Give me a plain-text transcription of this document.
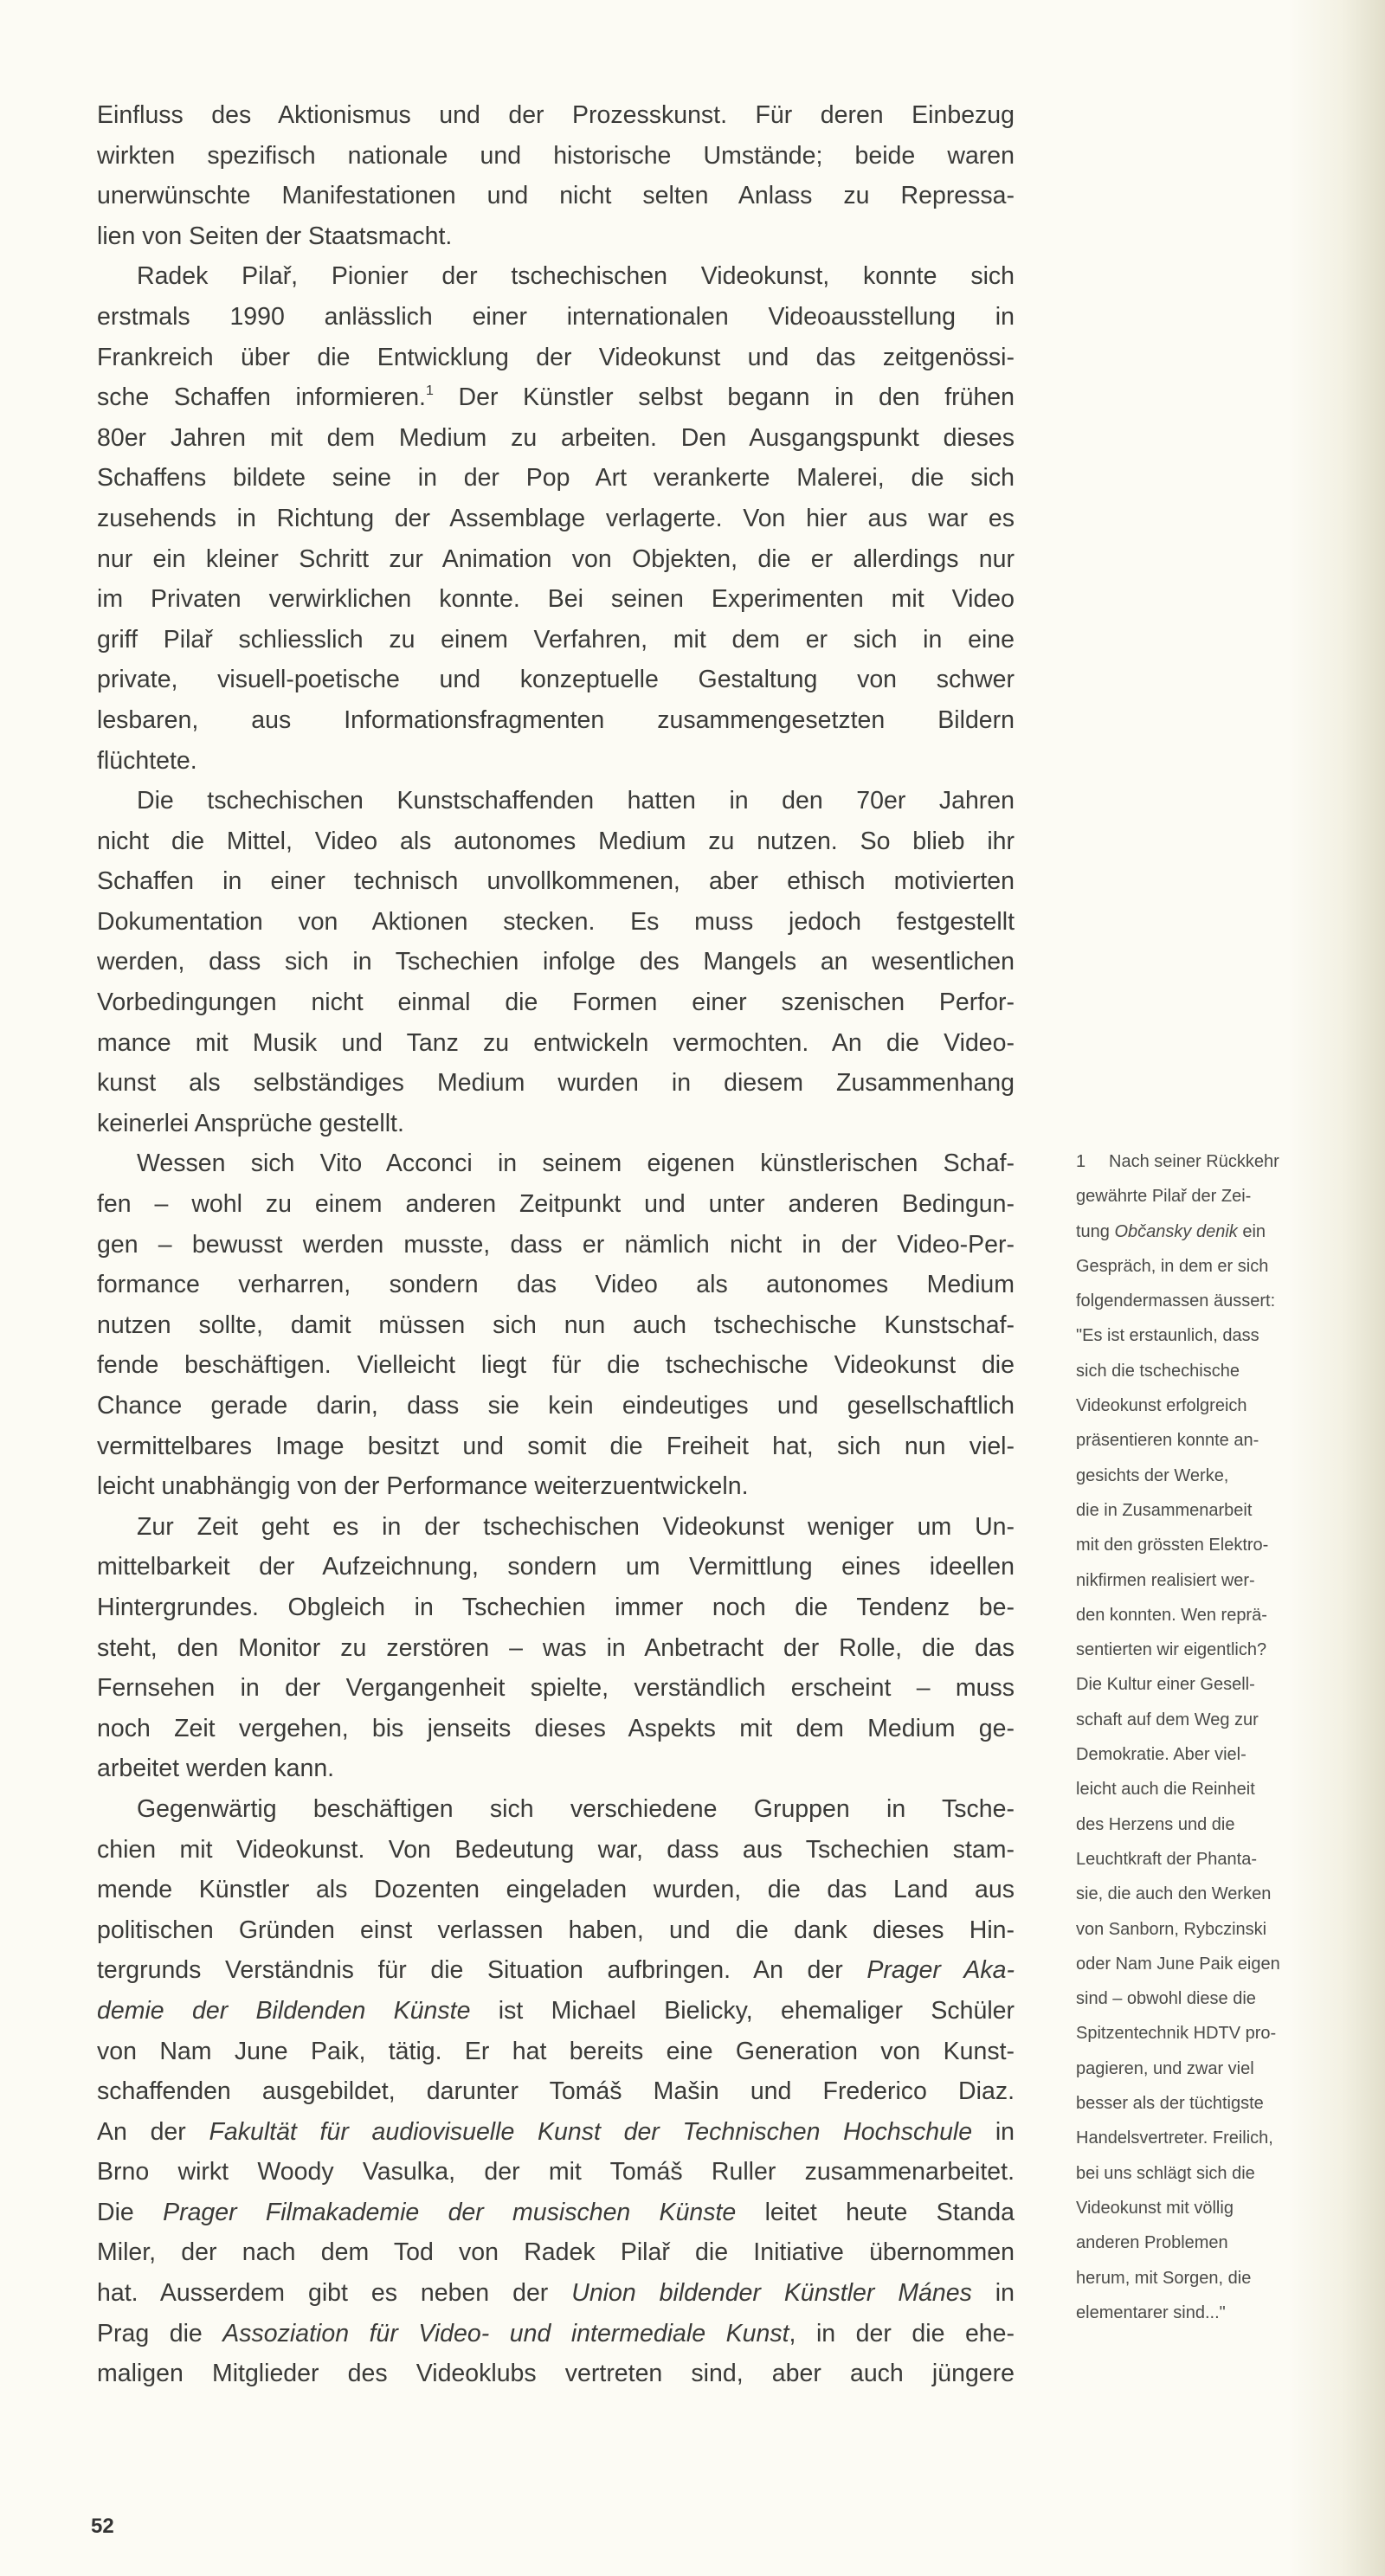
Einfluss des Aktionismus und der Prozesskunst. Für deren Einbezug
wirkten spezifisch nationale und historische Umstände; beide waren
unerwünschte Manifestationen und nicht selten Anlass zu Repressa-
lien von Seiten der Staatsmacht.
Radek Pilař, Pionier der tschechischen Videokunst, konnte sich
erstmals 1990 anlässlich einer internationalen Videoausstellung in
Frankreich über die Entwicklung der Videokunst und das zeitgenössi-
sche Schaffen informieren.$^1$ Der Künstler selbst begann in den frühen
80er Jahren mit dem Medium zu arbeiten. Den Ausgangspunkt dieses
Schaffens bildete seine in der Pop Art verankerte Malerei, die sich
zusehends in Richtung der Assemblage verlagerte. Von hier aus war es
nur ein kleiner Schritt zur Animation von Objekten, die er allerdings nur
im Privaten verwirklichen konnte. Bei seinen Experimenten mit Video
griff Pilař schliesslich zu einem Verfahren, mit dem er sich in eine
private, visuell-poetische und konzeptuelle Gestaltung von schwer
lesbaren, aus Informationsfragmenten zusammengesetzten Bildern
flüchtete.
Die tschechischen Kunstschaffenden hatten in den 70er Jahren
nicht die Mittel, Video als autonomes Medium zu nutzen. So blieb ihr
Schaffen in einer technisch unvollkommenen, aber ethisch motivierten
Dokumentation von Aktionen stecken. Es muss jedoch festgestellt
werden, dass sich in Tschechien infolge des Mangels an wesentlichen
Vorbedingungen nicht einmal die Formen einer szenischen Perfor-
mance mit Musik und Tanz zu entwickeln vermochten. An die Video-
kunst als selbständiges Medium wurden in diesem Zusammenhang
keinerlei Ansprüche gestellt.
Wessen sich Vito Acconci in seinem eigenen künstlerischen Schaf-
fen – wohl zu einem anderen Zeitpunkt und unter anderen Bedingun-
gen – bewusst werden musste, dass er nämlich nicht in der Video-Per-
formance verharren, sondern das Video als autonomes Medium
nutzen sollte, damit müssen sich nun auch tschechische Kunstschaf-
fende beschäftigen. Vielleicht liegt für die tschechische Videokunst die
Chance gerade darin, dass sie kein eindeutiges und gesellschaftlich
vermittelbares Image besitzt und somit die Freiheit hat, sich nun viel-
leicht unabhängig von der Performance weiterzuentwickeln.
Zur Zeit geht es in der tschechischen Videokunst weniger um Un-
mittelbarkeit der Aufzeichnung, sondern um Vermittlung eines ideellen
Hintergrundes. Obgleich in Tschechien immer noch die Tendenz be-
steht, den Monitor zu zerstören – was in Anbetracht der Rolle, die das
Fernsehen in der Vergangenheit spielte, verständlich erscheint – muss
noch Zeit vergehen, bis jenseits dieses Aspekts mit dem Medium ge-
arbeitet werden kann.
Gegenwärtig beschäftigen sich verschiedene Gruppen in Tsche-
chien mit Videokunst. Von Bedeutung war, dass aus Tschechien stam-
mende Künstler als Dozenten eingeladen wurden, die das Land aus
politischen Gründen einst verlassen haben, und die dank dieses Hin-
tergrunds Verständnis für die Situation aufbringen. An der Prager Aka-
demie der Bildenden Künste ist Michael Bielicky, ehemaliger Schüler
von Nam June Paik, tätig. Er hat bereits eine Generation von Kunst-
schaffenden ausgebildet, darunter Tomáš Mašin und Frederico Diaz.
An der Fakultät für audiovisuelle Kunst der Technischen Hochschule in
Brno wirkt Woody Vasulka, der mit Tomáš Ruller zusammenarbeitet.
Die Prager Filmakademie der musischen Künste leitet heute Standa
Miler, der nach dem Tod von Radek Pilař die Initiative übernommen
hat. Ausserdem gibt es neben der Union bildender Künstler Mánes in
Prag die Assoziation für Video- und intermediale Kunst, in der die ehe-
maligen Mitglieder des Videoklubs vertreten sind, aber auch jüngere
1 Nach seiner Rückkehr
gewährte Pilař der Zei-
tung Občansky denik ein
Gespräch, in dem er sich
folgendermassen äussert:
"Es ist erstaunlich, dass
sich die tschechische
Videokunst erfolgreich
präsentieren konnte an-
gesichts der Werke,
die in Zusammenarbeit
mit den grössten Elektro-
nikfirmen realisiert wer-
den konnten. Wen reprä-
sentierten wir eigentlich?
Die Kultur einer Gesell-
schaft auf dem Weg zur
Demokratie. Aber viel-
leicht auch die Reinheit
des Herzens und die
Leuchtkraft der Phanta-
sie, die auch den Werken
von Sanborn, Rybczinski
oder Nam June Paik eigen
sind – obwohl diese die
Spitzentechnik HDTV pro-
pagieren, und zwar viel
besser als der tüchtigste
Handelsvertreter. Freilich,
bei uns schlägt sich die
Videokunst mit völlig
anderen Problemen
herum, mit Sorgen, die
elementarer sind..."
52
